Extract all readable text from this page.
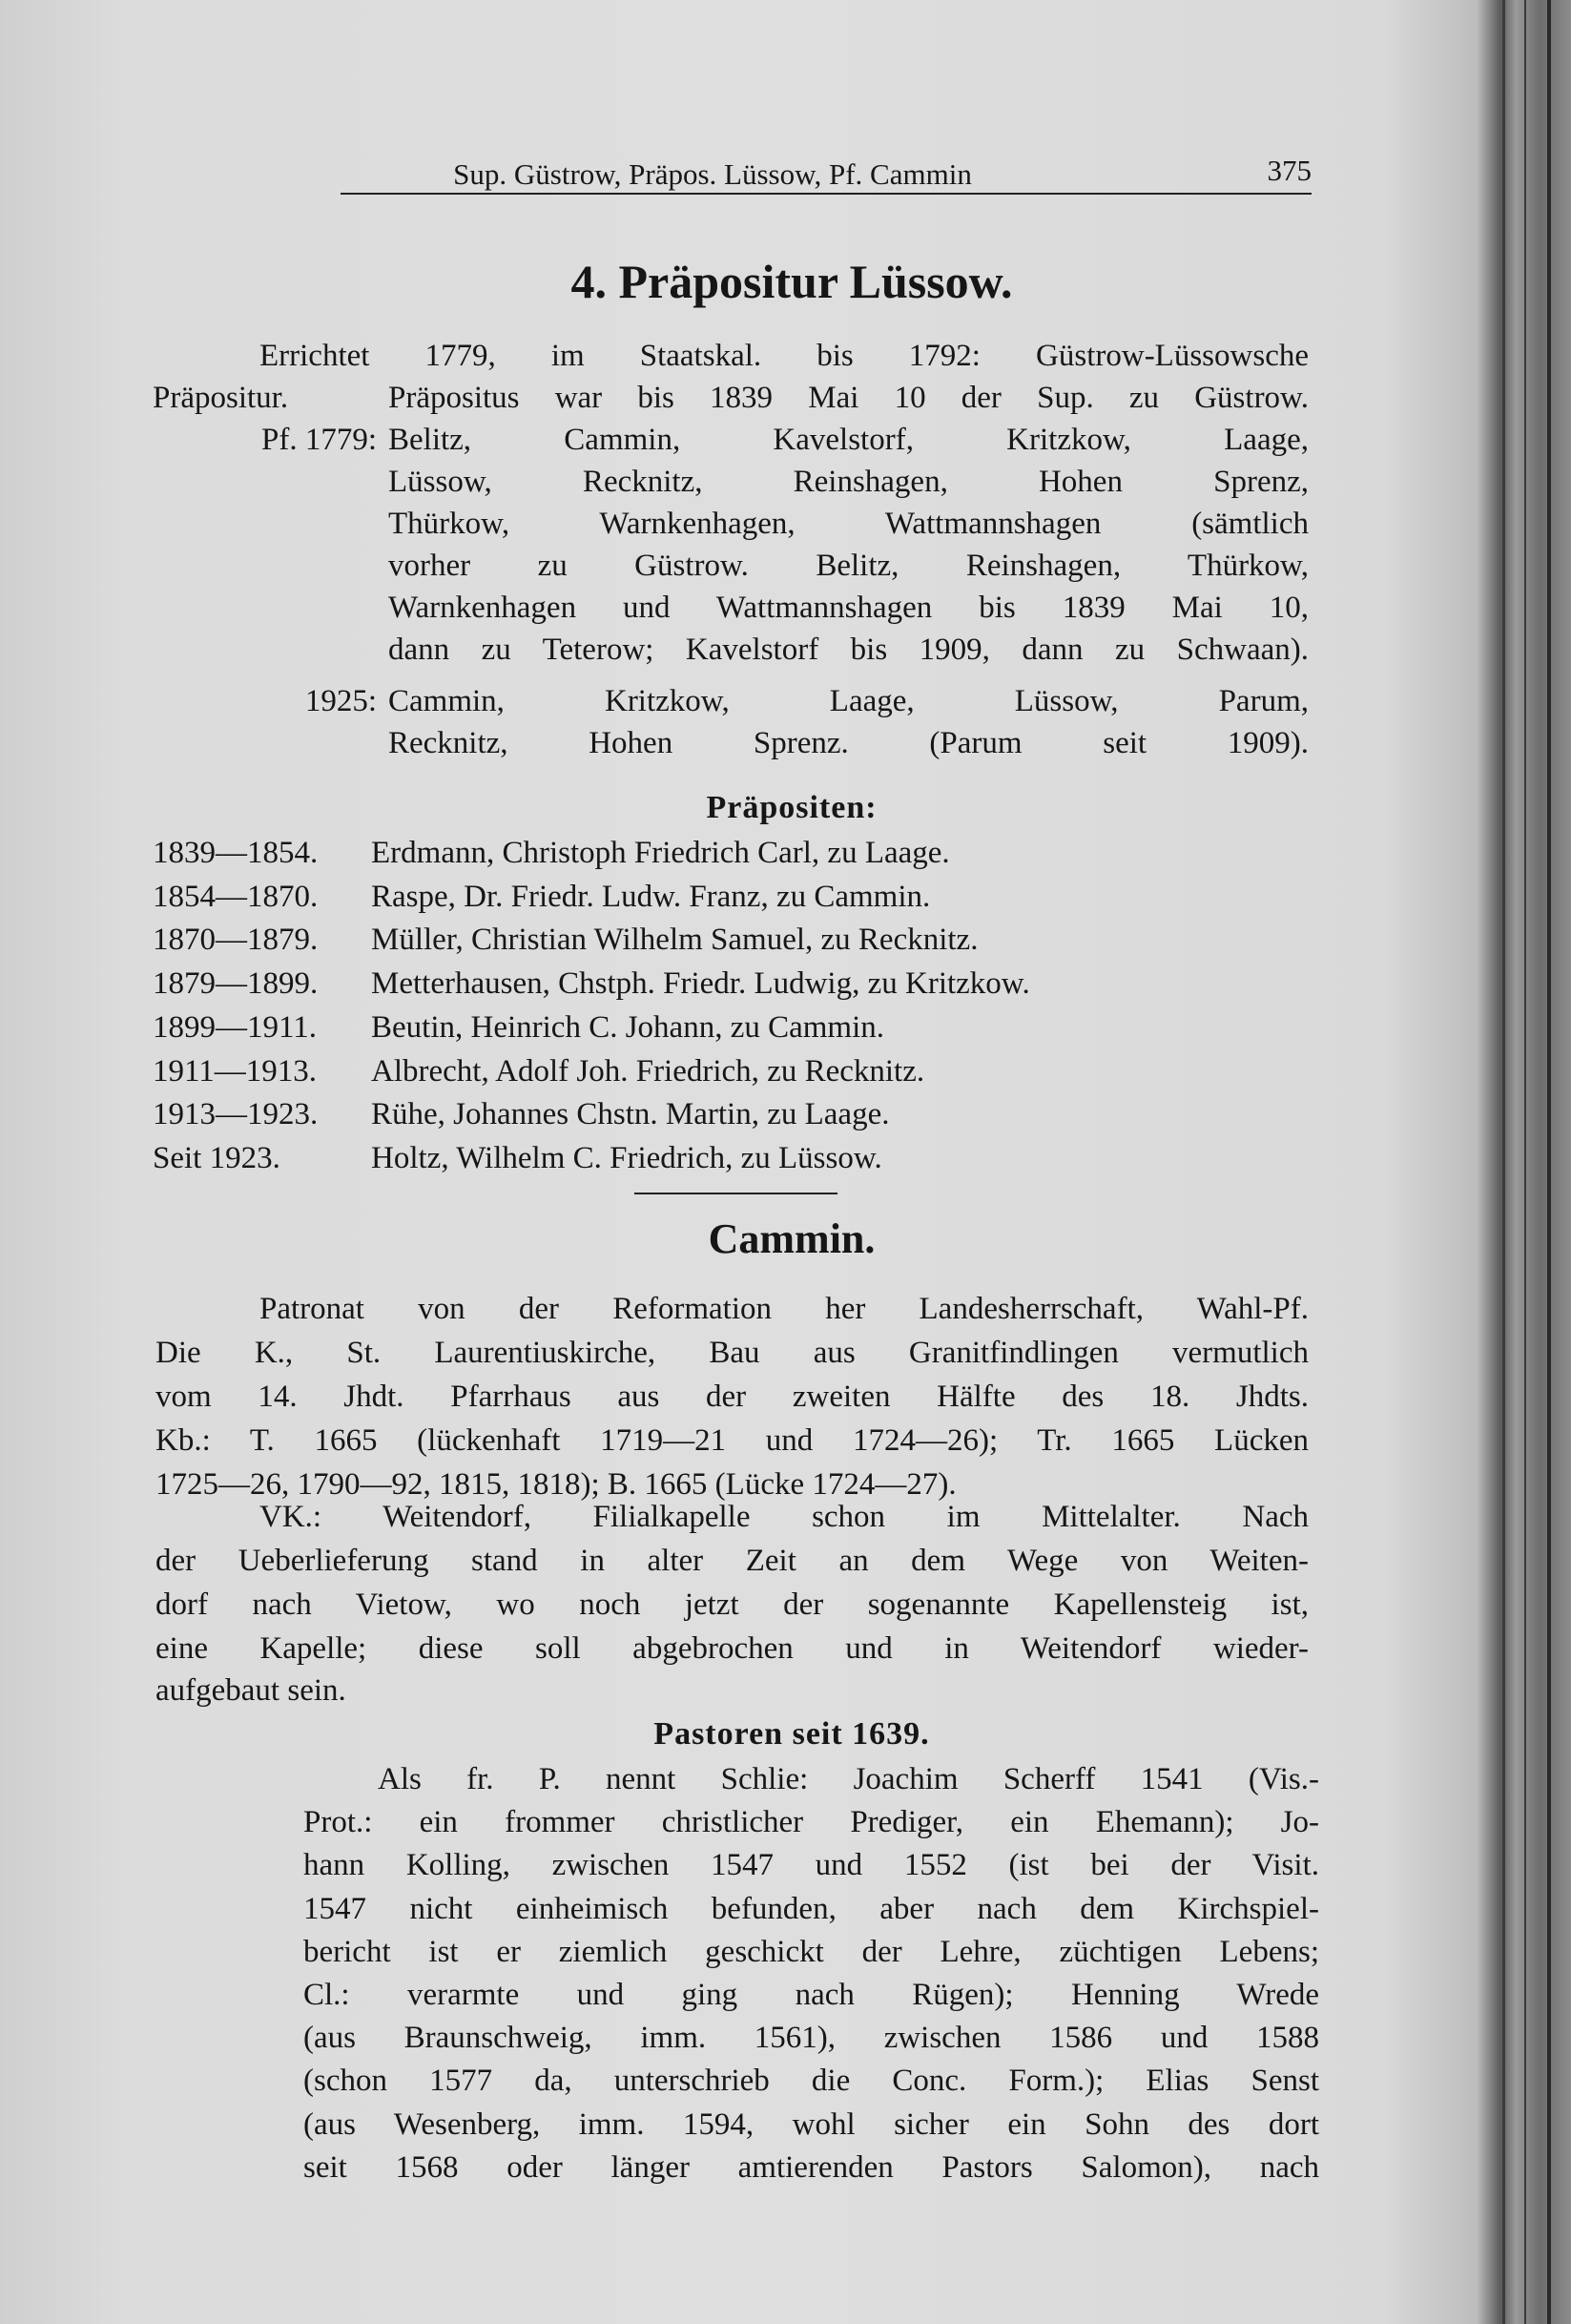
Sup. Güstrow, Präpos. Lüssow, Pf. Cammin	375
4. Präpositur Lüssow.
Errichtet 1779, im Staatskal. bis 1792: Güstrow-Lüssowsche
Präpositus war bis 1839 Mai 10 der Sup. zu Güstrow.
Belitz, Cammin, Kavelstorf, Kritzkow, Laage,
Lüssow, Recknitz, Reinshagen, Hohen Sprenz,
Thürkow, Warnkenhagen, Wattmannshagen (sämtlich
vorher zu Güstrow. Belitz, Reinshagen, Thürkow,
Warnkenhagen und Wattmannshagen bis 1839 Mai 10,
dann zu Teterow; Kavelstorf bis 1909, dann zu Schwaan).
Cammin, Kritzkow, Laage, Lüssow, Parum,
Recknitz, Hohen Sprenz. (Parum seit 1909).
Präpositur.
Pf. 1779:
1925:
1839—1854. Erdmann, Christoph Friedrich Carl, zu Laage.
1854—1870. Raspe, Dr. Friedr. Ludw. Franz, zu Cammin.
1870—1879. Müller, Christian Wilhelm Samuel, zu Recknitz.
1879—1899. Metterhausen, Chstph. Friedr. Ludwig, zu Kritzkow.
1899—1911. Beutin, Heinrich C. Johann, zu Cammin.
1911—1913. Albrecht, Adolf Joh. Friedrich, zu Recknitz.
1913—1923. Rühe, Johannes Chstn. Martin, zu Laage.
Seit 1923.	Holtz, Wilhelm C. Friedrich, zu Lüssow.
Patronat von der Reformation her Landesherrschaft, Wahl-Pf.
Die K., St. Laurentiuskirche, Bau aus Granitfindlingen vermutlich
vom 14. Jhdt. Pfarrhaus aus der zweiten Hälfte des 18. Jhdts.
Kb.: T. 1665 (lückenhaft 1719—21 und 1724—26); Tr. 1665 Lücken
1725—26, 1790—92, 1815, 1818); B. 1665 (Lücke 1724—27).
VK.: Weitendorf, Filialkapelle schon im Mittelalter. Nach
der Ueberlieferung stand in alter Zeit an dem Wege von Weiten-
dorf nach Vietow, wo noch jetzt der sogenannte Kapellensteig ist,
eine Kapelle; diese soll abgebrochen und in Weitendorf wieder-
aufgebaut sein.
Als fr. P. nennt Schlie: Joachim Scherff 1541 (Vis.-
Prot.: ein frommer christlicher Prediger, ein Ehemann); Jo-
hann Kolling, zwischen 1547 und 1552 (ist bei der Visit.
1547 nicht einheimisch befunden, aber nach dem Kirchspiel-
bericht ist er ziemlich geschickt der Lehre, züchtigen Lebens;
Cl.: verarmte und ging nach Rügen); Henning Wrede
(aus Braunschweig, imm. 1561), zwischen 1586 und 1588
(schon 1577 da, unterschrieb die Conc. Form.); Elias Senst
(aus Wesenberg, imm. 1594, wohl sicher ein Sohn des dort
seit 1568 oder länger amtierenden Pastors Salomon), nach
Präpositen:
Cammin.
Pastoren seit 1639.
